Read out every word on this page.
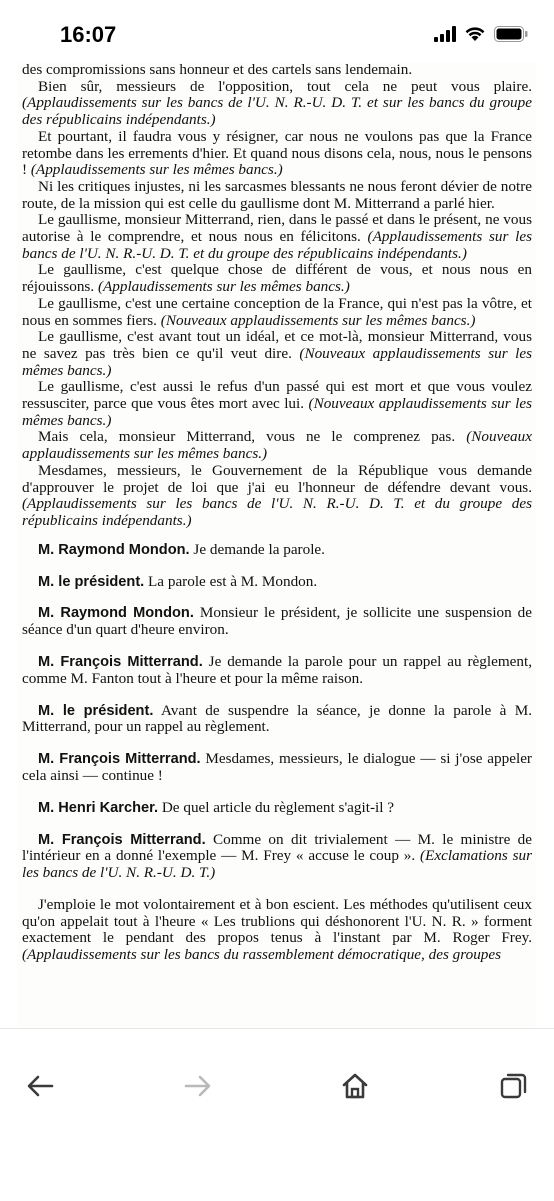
16:07

des compromissions sans honneur et des cartels sans lendemain.

Bien sûr, messieurs de l'opposition, tout cela ne peut vous plaire. (Applaudissements sur les bancs de l'U. N. R.-U. D. T. et sur les bancs du groupe des républicains indépendants.)

Et pourtant, il faudra vous y résigner, car nous ne voulons pas que la France retombe dans les errements d'hier. Et quand nous disons cela, nous, nous le pensons ! (Applaudissements sur les mêmes bancs.)

Ni les critiques injustes, ni les sarcasmes blessants ne nous feront dévier de notre route, de la mission qui est celle du gaullisme dont M. Mitterrand a parlé hier.

Le gaullisme, monsieur Mitterrand, rien, dans le passé et dans le présent, ne vous autorise à le comprendre, et nous nous en félicitons. (Applaudissements sur les bancs de l'U. N. R.-U. D. T. et du groupe des républicains indépendants.)

Le gaullisme, c'est quelque chose de différent de vous, et nous nous en réjouissons. (Applaudissements sur les mêmes bancs.)

Le gaullisme, c'est une certaine conception de la France, qui n'est pas la vôtre, et nous en sommes fiers. (Nouveaux applaudissements sur les mêmes bancs.)

Le gaullisme, c'est avant tout un idéal, et ce mot-là, monsieur Mitterrand, vous ne savez pas très bien ce qu'il veut dire. (Nouveaux applaudissements sur les mêmes bancs.)

Le gaullisme, c'est aussi le refus d'un passé qui est mort et que vous voulez ressusciter, parce que vous êtes mort avec lui. (Nouveaux applaudissements sur les mêmes bancs.)

Mais cela, monsieur Mitterrand, vous ne le comprenez pas. (Nouveaux applaudissements sur les mêmes bancs.)

Mesdames, messieurs, le Gouvernement de la République vous demande d'approuver le projet de loi que j'ai eu l'honneur de défendre devant vous. (Applaudissements sur les bancs de l'U. N. R.-U. D. T. et du groupe des républicains indépendants.)

M. Raymond Mondon. Je demande la parole.

M. le président. La parole est à M. Mondon.

M. Raymond Mondon. Monsieur le président, je sollicite une suspension de séance d'un quart d'heure environ.

M. François Mitterrand. Je demande la parole pour un rappel au règlement, comme M. Fanton tout à l'heure et pour la même raison.

M. le président. Avant de suspendre la séance, je donne la parole à M. Mitterrand, pour un rappel au règlement.

M. François Mitterrand. Mesdames, messieurs, le dialogue — si j'ose appeler cela ainsi — continue !

M. Henri Karcher. De quel article du règlement s'agit-il ?

M. François Mitterrand. Comme on dit trivialement — M. le ministre de l'intérieur en a donné l'exemple — M. Frey « accuse le coup ». (Exclamations sur les bancs de l'U. N. R.-U. D. T.)

J'emploie le mot volontairement et à bon escient. Les méthodes qu'utilisent ceux qu'on appelait tout à l'heure « Les trublions qui déshonorent l'U. N. R. » forment exactement le pendant des propos tenus à l'instant par M. Roger Frey. (Applaudissements sur les bancs du rassemblement démocratique, des groupes
